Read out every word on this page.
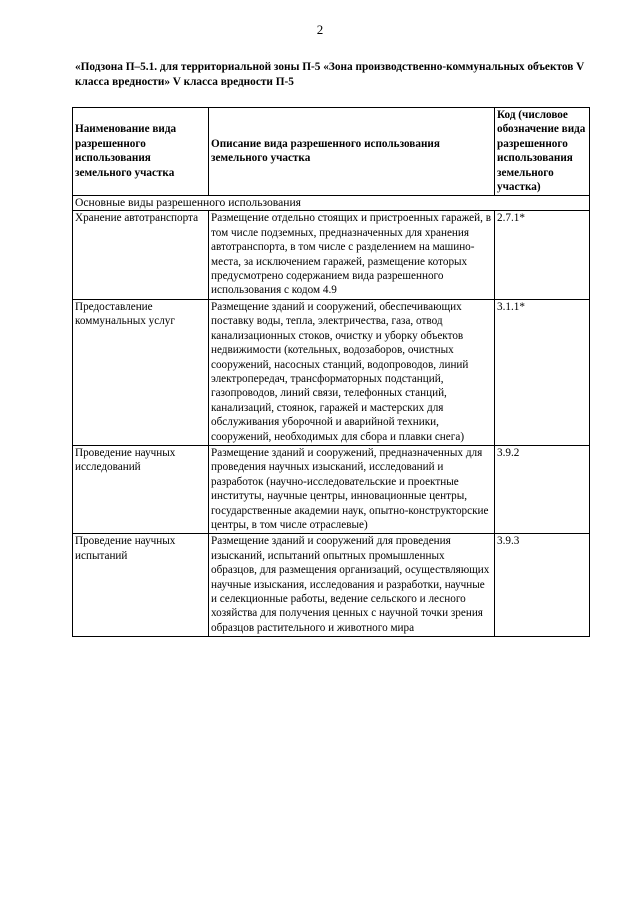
2
«Подзона П–5.1. для территориальной зоны П-5 «Зона производственно-коммунальных объектов V класса вредности» V класса вредности П-5
Наименование вида разрешенного использования земельного участка	Описание вида разрешенного использования земельного участка	Код (числовое обозначение вида разрешенного использования земельного участка)
Основные виды разрешенного использования		
Хранение автотранспорта	Размещение отдельно стоящих и пристроенных гаражей, в том числе подземных, предназначенных для хранения автотранспорта, в том числе с разделением на машино-места, за исключением гаражей, размещение которых предусмотрено содержанием вида разрешенного использования с кодом 4.9	2.7.1*
Предоставление коммунальных услуг	Размещение зданий и сооружений, обеспечивающих поставку воды, тепла, электричества, газа, отвод канализационных стоков, очистку и уборку объектов недвижимости (котельных, водозаборов, очистных сооружений, насосных станций, водопроводов, линий электропередач, трансформаторных подстанций, газопроводов, линий связи, телефонных станций, канализаций, стоянок, гаражей и мастерских для обслуживания уборочной и аварийной техники, сооружений, необходимых для сбора и плавки снега)	3.1.1*
Проведение научных исследований	Размещение зданий и сооружений, предназначенных для проведения научных изысканий, исследований и разработок (научно-исследовательские и проектные институты, научные центры, инновационные центры, государственные академии наук, опытно-конструкторские центры, в том числе отраслевые)	3.9.2
Проведение научных испытаний	Размещение зданий и сооружений для проведения изысканий, испытаний опытных промышленных образцов, для размещения организаций, осуществляющих научные изыскания, исследования и разработки, научные и селекционные работы, ведение сельского и лесного хозяйства для получения ценных с научной точки зрения образцов растительного и животного мира	3.9.3
